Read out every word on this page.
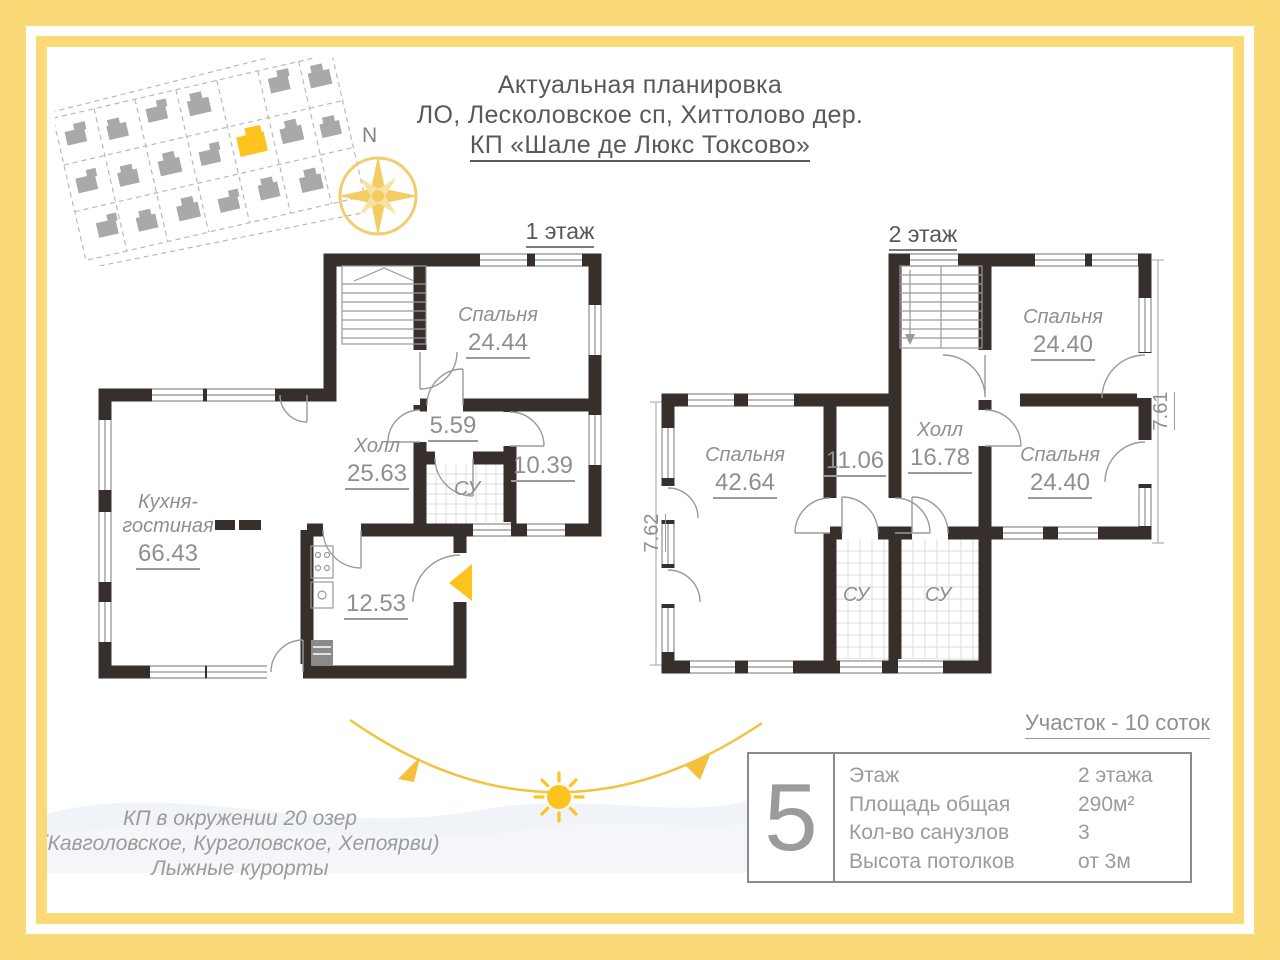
N
Актуальная планировка
ЛО, Лесколовское сп, Хиттолово дер.
КП «Шале де Люкс Токсово»
1 этаж	2 этаж
Спальня
24.44
5.59
Холл
25.63
СУ
10.39
Кухня-
гостиная
66.43
12.53
Спальня
24.40
Спальня
42.64
11.06
Холл
16.78	Спальня
24.40
СУ	СУ
7.61
7.62
КП в окружении 20 озер
(Кавголовское, Курголовское, Хепоярви)
Лыжные курорты
Участок - 10 соток
5 Этаж	2 этажа
Площадь общая	290м²
Кол-во санузлов	3
Высота потолков	от 3м
